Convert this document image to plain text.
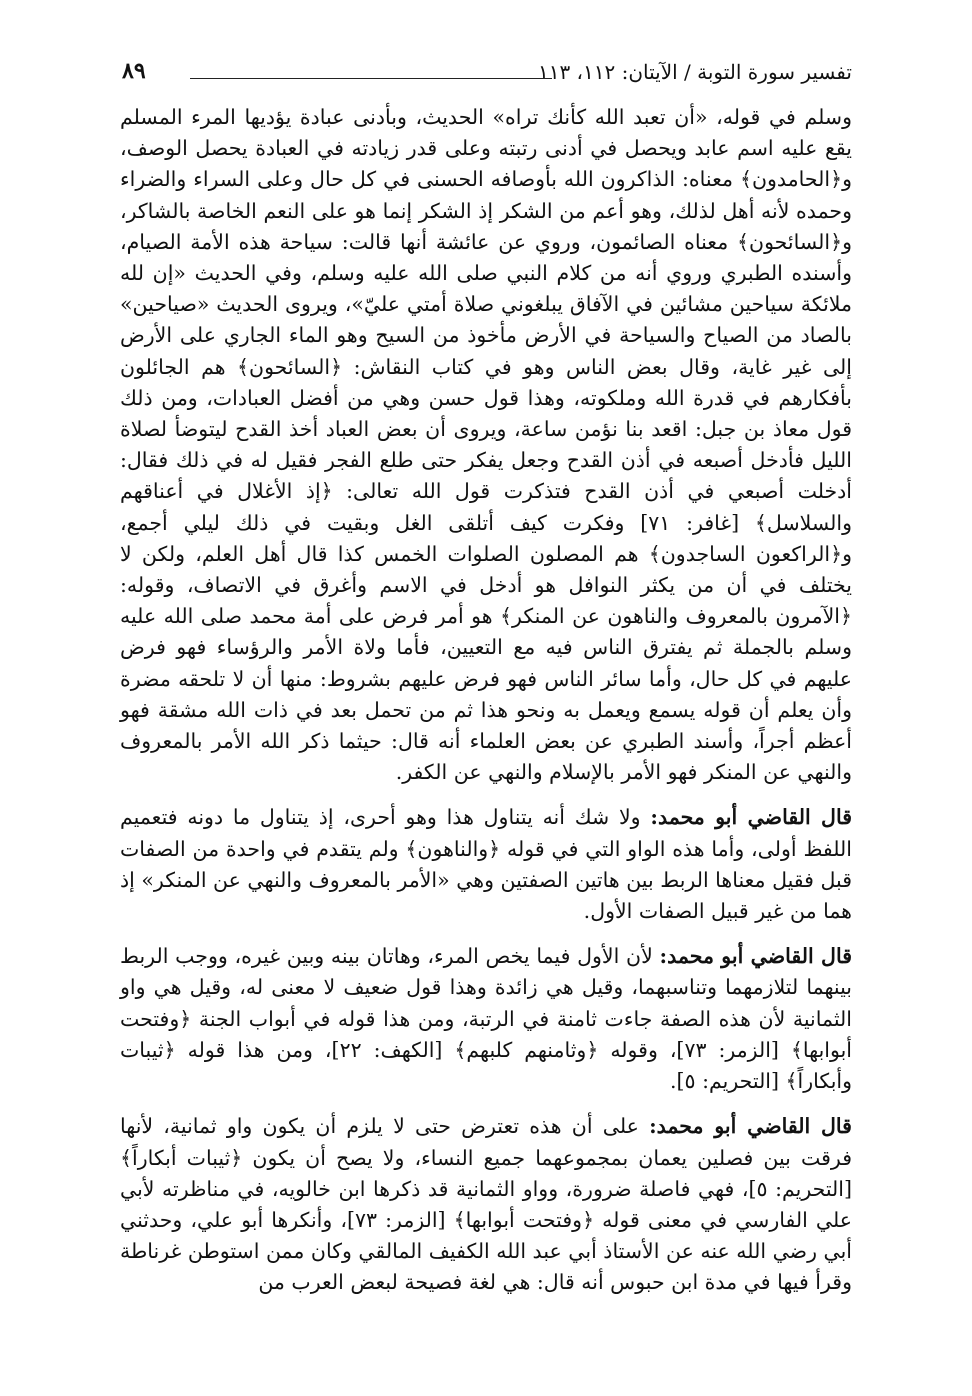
تفسير سورة التوبة / الآيتان: ١١٢، ١١٣
٨٩

وسلم في قوله، «أن تعبد الله كأنك تراه» الحديث، وبأدنى عبادة يؤديها المرء المسلم يقع عليه اسم عابد ويحصل في أدنى رتبته وعلى قدر زيادته في العبادة يحصل الوصف، و﴿الحامدون﴾ معناه: الذاكرون الله بأوصافه الحسنى في كل حال وعلى السراء والضراء وحمده لأنه أهل لذلك، وهو أعم من الشكر إذ الشكر إنما هو على النعم الخاصة بالشاكر، و﴿السائحون﴾ معناه الصائمون، وروي عن عائشة أنها قالت: سياحة هذه الأمة الصيام، وأسنده الطبري وروي أنه من كلام النبي صلى الله عليه وسلم، وفي الحديث «إن لله ملائكة سياحين مشائين في الآفاق يبلغوني صلاة أمتي عليّ»، ويروى الحديث «صياحين» بالصاد من الصياح والسياحة في الأرض مأخوذ من السيح وهو الماء الجاري على الأرض إلى غير غاية، وقال بعض الناس وهو في كتاب النقاش: ﴿السائحون﴾ هم الجائلون بأفكارهم في قدرة الله وملكوته، وهذا قول حسن وهي من أفضل العبادات، ومن ذلك قول معاذ بن جبل: اقعد بنا نؤمن ساعة، ويروى أن بعض العباد أخذ القدح ليتوضأ لصلاة الليل فأدخل أصبعه في أذن القدح وجعل يفكر حتى طلع الفجر فقيل له في ذلك فقال: أدخلت أصبعي في أذن القدح فتذكرت قول الله تعالى: ﴿إذ الأغلال في أعناقهم والسلاسل﴾ [غافر: ٧١] وفكرت كيف أتلقى الغل وبقيت في ذلك ليلي أجمع، و﴿الراكعون الساجدون﴾ هم المصلون الصلوات الخمس كذا قال أهل العلم، ولكن لا يختلف في أن من يكثر النوافل هو أدخل في الاسم وأغرق في الاتصاف، وقوله: ﴿الآمرون بالمعروف والناهون عن المنكر﴾ هو أمر فرض على أمة محمد صلى الله عليه وسلم بالجملة ثم يفترق الناس فيه مع التعيين، فأما ولاة الأمر والرؤساء فهو فرض عليهم في كل حال، وأما سائر الناس فهو فرض عليهم بشروط: منها أن لا تلحقه مضرة وأن يعلم أن قوله يسمع ويعمل به ونحو هذا ثم من تحمل بعد في ذات الله مشقة فهو أعظم أجراً، وأسند الطبري عن بعض العلماء أنه قال: حيثما ذكر الله الأمر بالمعروف والنهي عن المنكر فهو الأمر بالإسلام والنهي عن الكفر.

قال القاضي أبو محمد: ولا شك أنه يتناول هذا وهو أحرى، إذ يتناول ما دونه فتعميم اللفظ أولى، وأما هذه الواو التي في قوله ﴿والناهون﴾ ولم يتقدم في واحدة من الصفات قبل فقيل معناها الربط بين هاتين الصفتين وهي «الأمر بالمعروف والنهي عن المنكر» إذ هما من غير قبيل الصفات الأول.

قال القاضي أبو محمد: لأن الأول فيما يخص المرء، وهاتان بينه وبين غيره، ووجب الربط بينهما لتلازمهما وتناسبهما، وقيل هي زائدة وهذا قول ضعيف لا معنى له، وقيل هي واو الثمانية لأن هذه الصفة جاءت ثامنة في الرتبة، ومن هذا قوله في أبواب الجنة ﴿وفتحت أبوابها﴾ [الزمر: ٧٣]، وقوله ﴿وثامنهم كلبهم﴾ [الكهف: ٢٢]، ومن هذا قوله ﴿ثيبات وأبكاراً﴾ [التحريم: ٥].

قال القاضي أبو محمد: على أن هذه تعترض حتى لا يلزم أن يكون واو ثمانية، لأنها فرقت بين فصلين يعمان بمجموعهما جميع النساء، ولا يصح أن يكون ﴿ثيبات أبكاراً﴾ [التحريم: ٥]، فهي فاصلة ضرورة، وواو الثمانية قد ذكرها ابن خالويه، في مناظرته لأبي علي الفارسي في معنى قوله ﴿وفتحت أبوابها﴾ [الزمر: ٧٣]، وأنكرها أبو علي، وحدثني أبي رضي الله عنه عن الأستاذ أبي عبد الله الكفيف المالقي وكان ممن استوطن غرناطة وقرأ فيها في مدة ابن حبوس أنه قال: هي لغة فصيحة لبعض العرب من
